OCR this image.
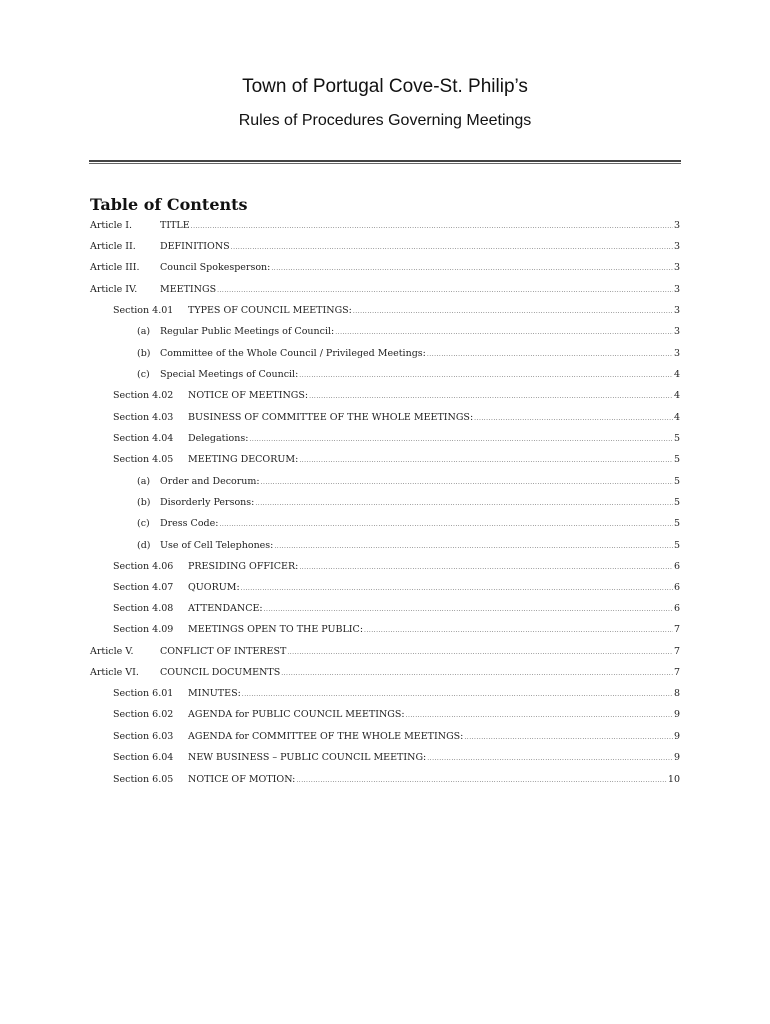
Town of Portugal Cove-St. Philip’s
Rules of Procedures Governing Meetings
Table of Contents
Article I.	TITLE .....	3
Article II.	DEFINITIONS .....	3
Article III.	Council Spokesperson: .....	3
Article IV.	MEETINGS .....	3
Section 4.01	TYPES OF COUNCIL MEETINGS: .....	3
(a)	Regular Public Meetings of Council: .....	3
(b)	Committee of the Whole Council / Privileged Meetings: .....	3
(c)	Special Meetings of Council: .....	4
Section 4.02	NOTICE OF MEETINGS: .....	4
Section 4.03	BUSINESS OF COMMITTEE OF THE WHOLE MEETINGS: .....	4
Section 4.04	Delegations: .....	5
Section 4.05	MEETING DECORUM: .....	5
(a)	Order and Decorum: .....	5
(b)	Disorderly Persons: .....	5
(c)	Dress Code: .....	5
(d)	Use of Cell Telephones: .....	5
Section 4.06	PRESIDING OFFICER: .....	6
Section 4.07	QUORUM: .....	6
Section 4.08	ATTENDANCE: .....	6
Section 4.09	MEETINGS OPEN TO THE PUBLIC: .....	7
Article V.	CONFLICT OF INTEREST .....	7
Article VI.	COUNCIL DOCUMENTS .....	7
Section 6.01	MINUTES: .....	8
Section 6.02	AGENDA for PUBLIC COUNCIL MEETINGS: .....	9
Section 6.03	AGENDA for COMMITTEE OF THE WHOLE MEETINGS: .....	9
Section 6.04	NEW BUSINESS – PUBLIC COUNCIL MEETING: .....	9
Section 6.05	NOTICE OF MOTION: .....	10
